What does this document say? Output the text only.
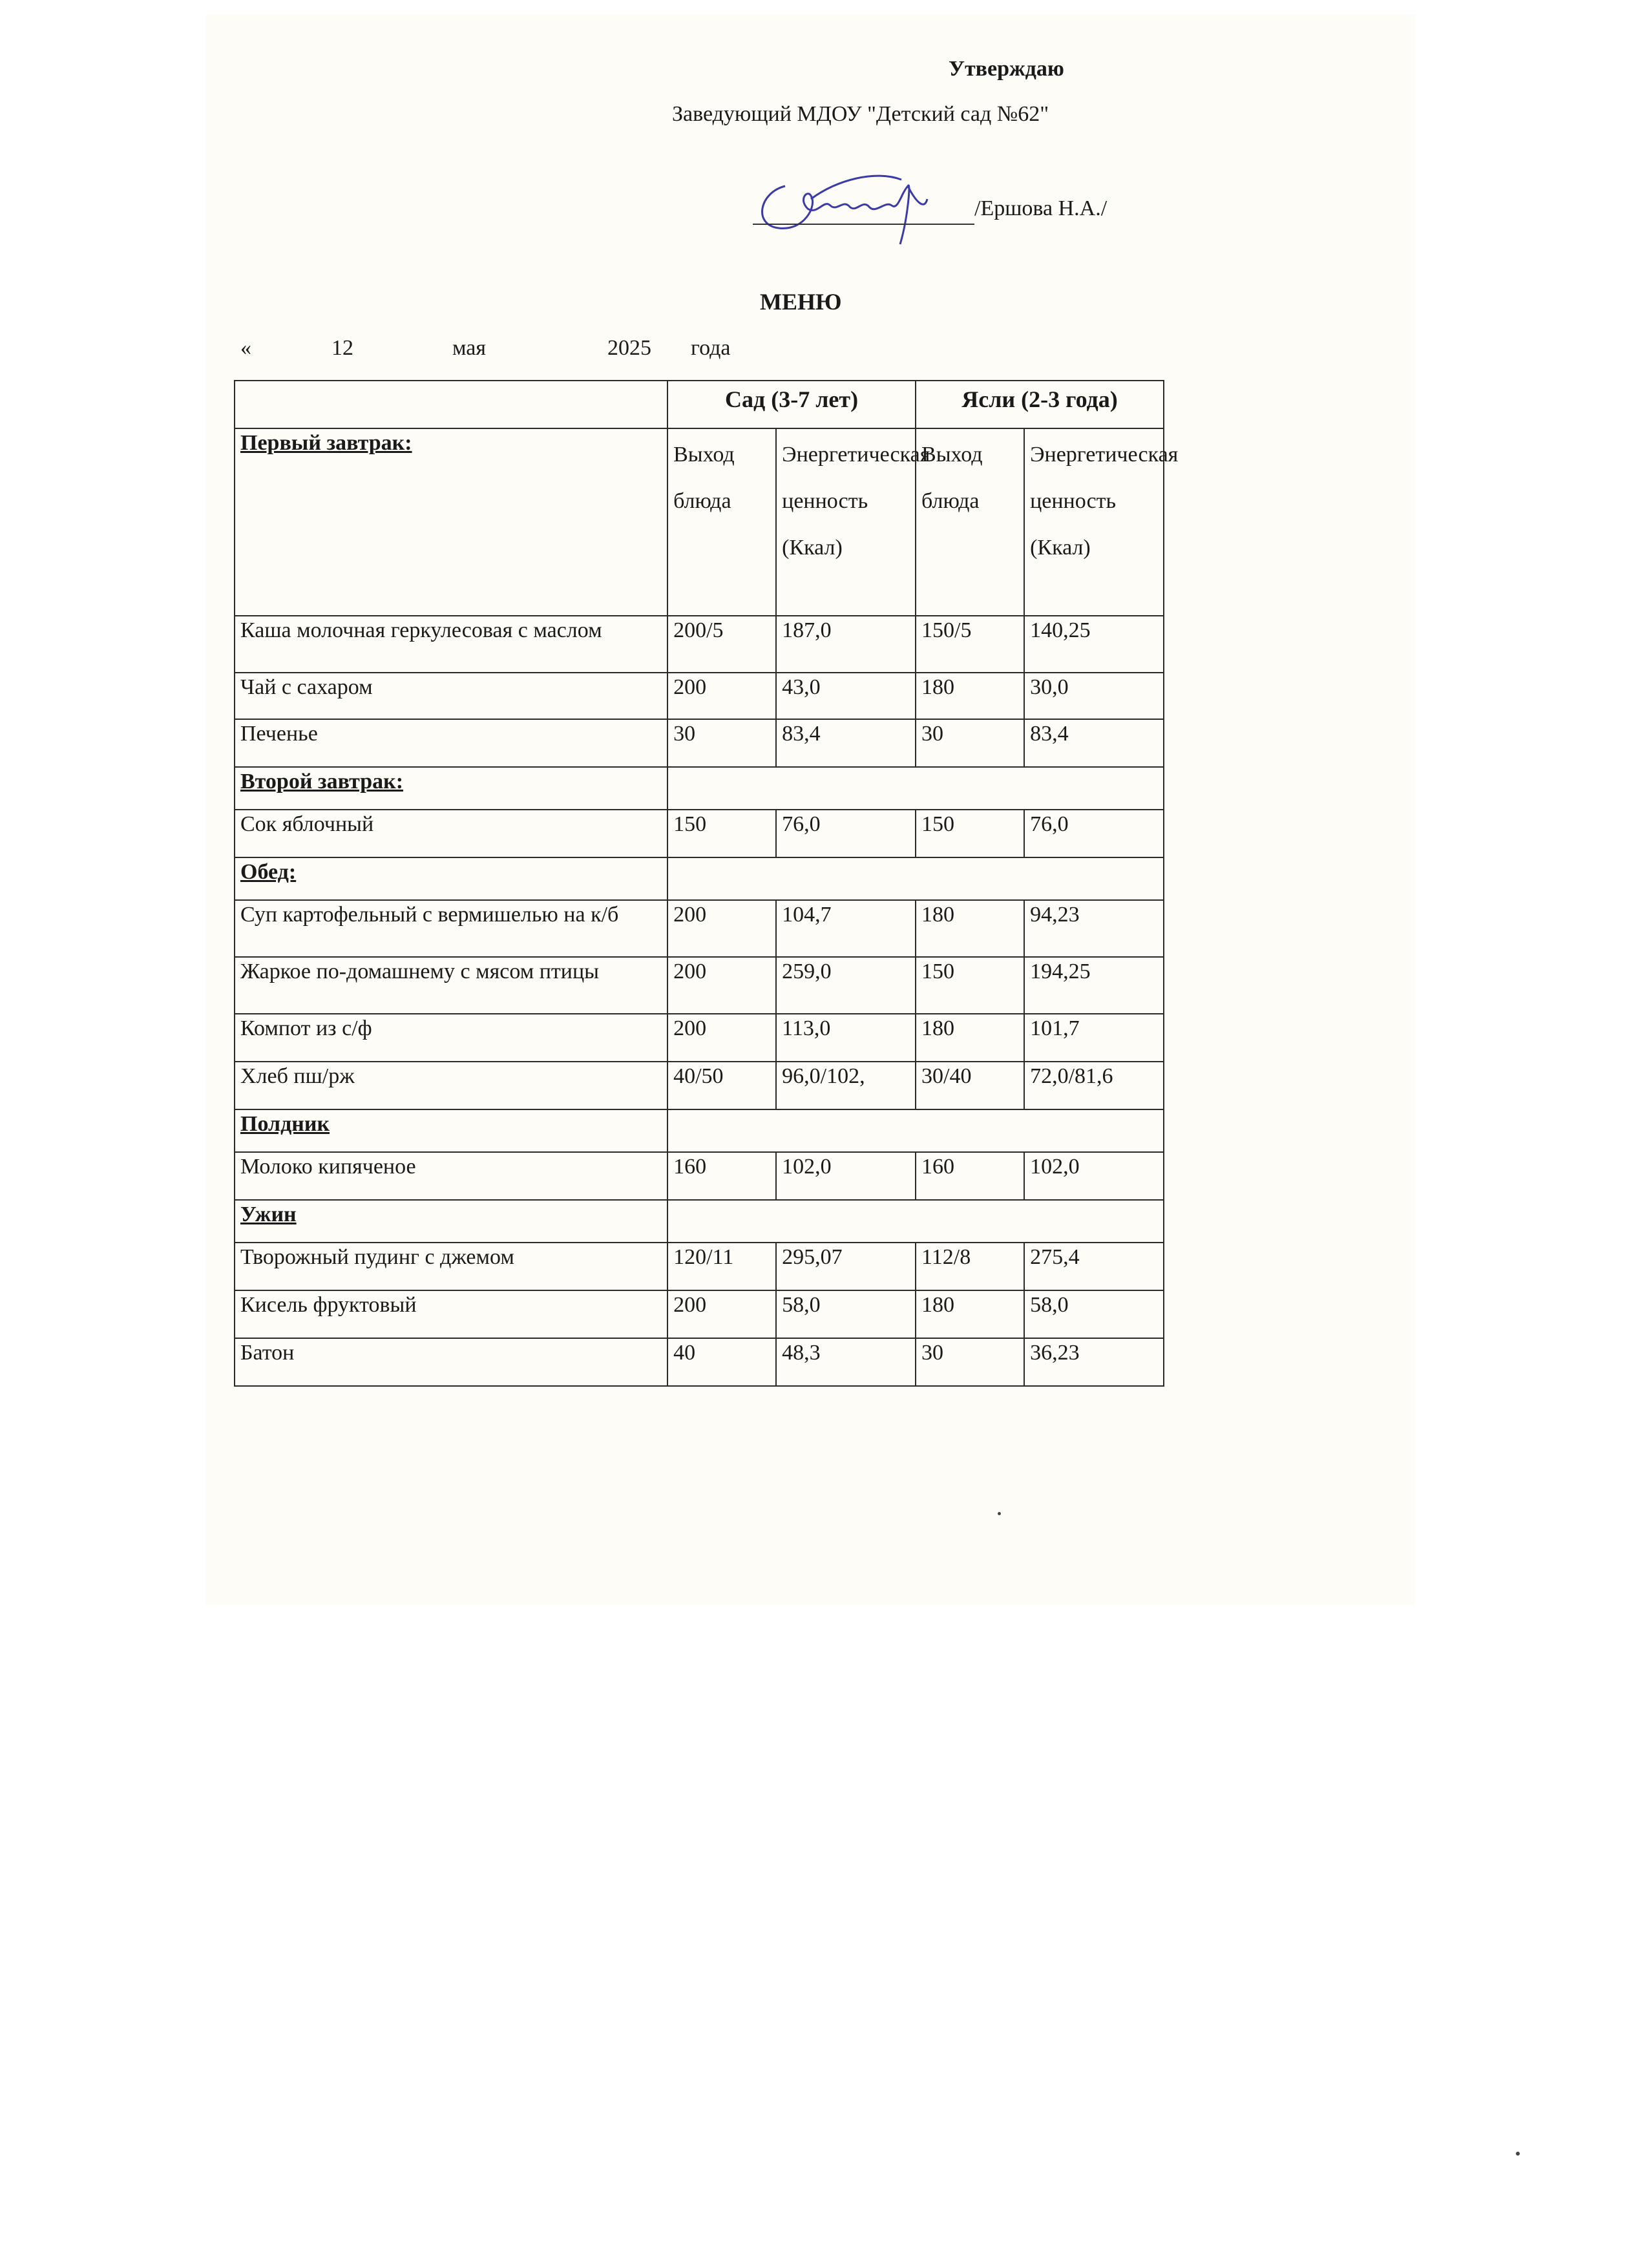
Утверждаю
Заведующий МДОУ "Детский сад №62"
/Ершова Н.А./
МЕНЮ
«	12	мая	2025 года
	Сад (3-7 лет)		Ясли (2-3 года)	
Первый завтрак:	Выход блюда	Энергетическая ценность (Ккал)	Выход блюда	Энергетическая ценность (Ккал)
Каша молочная геркулесовая с маслом	200/5	187,0	150/5	140,25
Чай с сахаром	200	43,0	180	30,0
Печенье	30	83,4	30	83,4
Второй завтрак:				
Сок яблочный	150	76,0	150	76,0
Обед:				
Суп картофельный с вермишелью на к/б	200	104,7	180	94,23
Жаркое по-домашнему с мясом птицы	200	259,0	150	194,25
Компот из с/ф	200	113,0	180	101,7
Хлеб пш/рж	40/50	96,0/102,	30/40	72,0/81,6
Полдник				
Молоко кипяченое	160	102,0	160	102,0
Ужин				
Творожный пудинг с джемом	120/11	295,07	112/8	275,4
Кисель фруктовый	200	58,0	180	58,0
Батон	40	48,3	30	36,23
